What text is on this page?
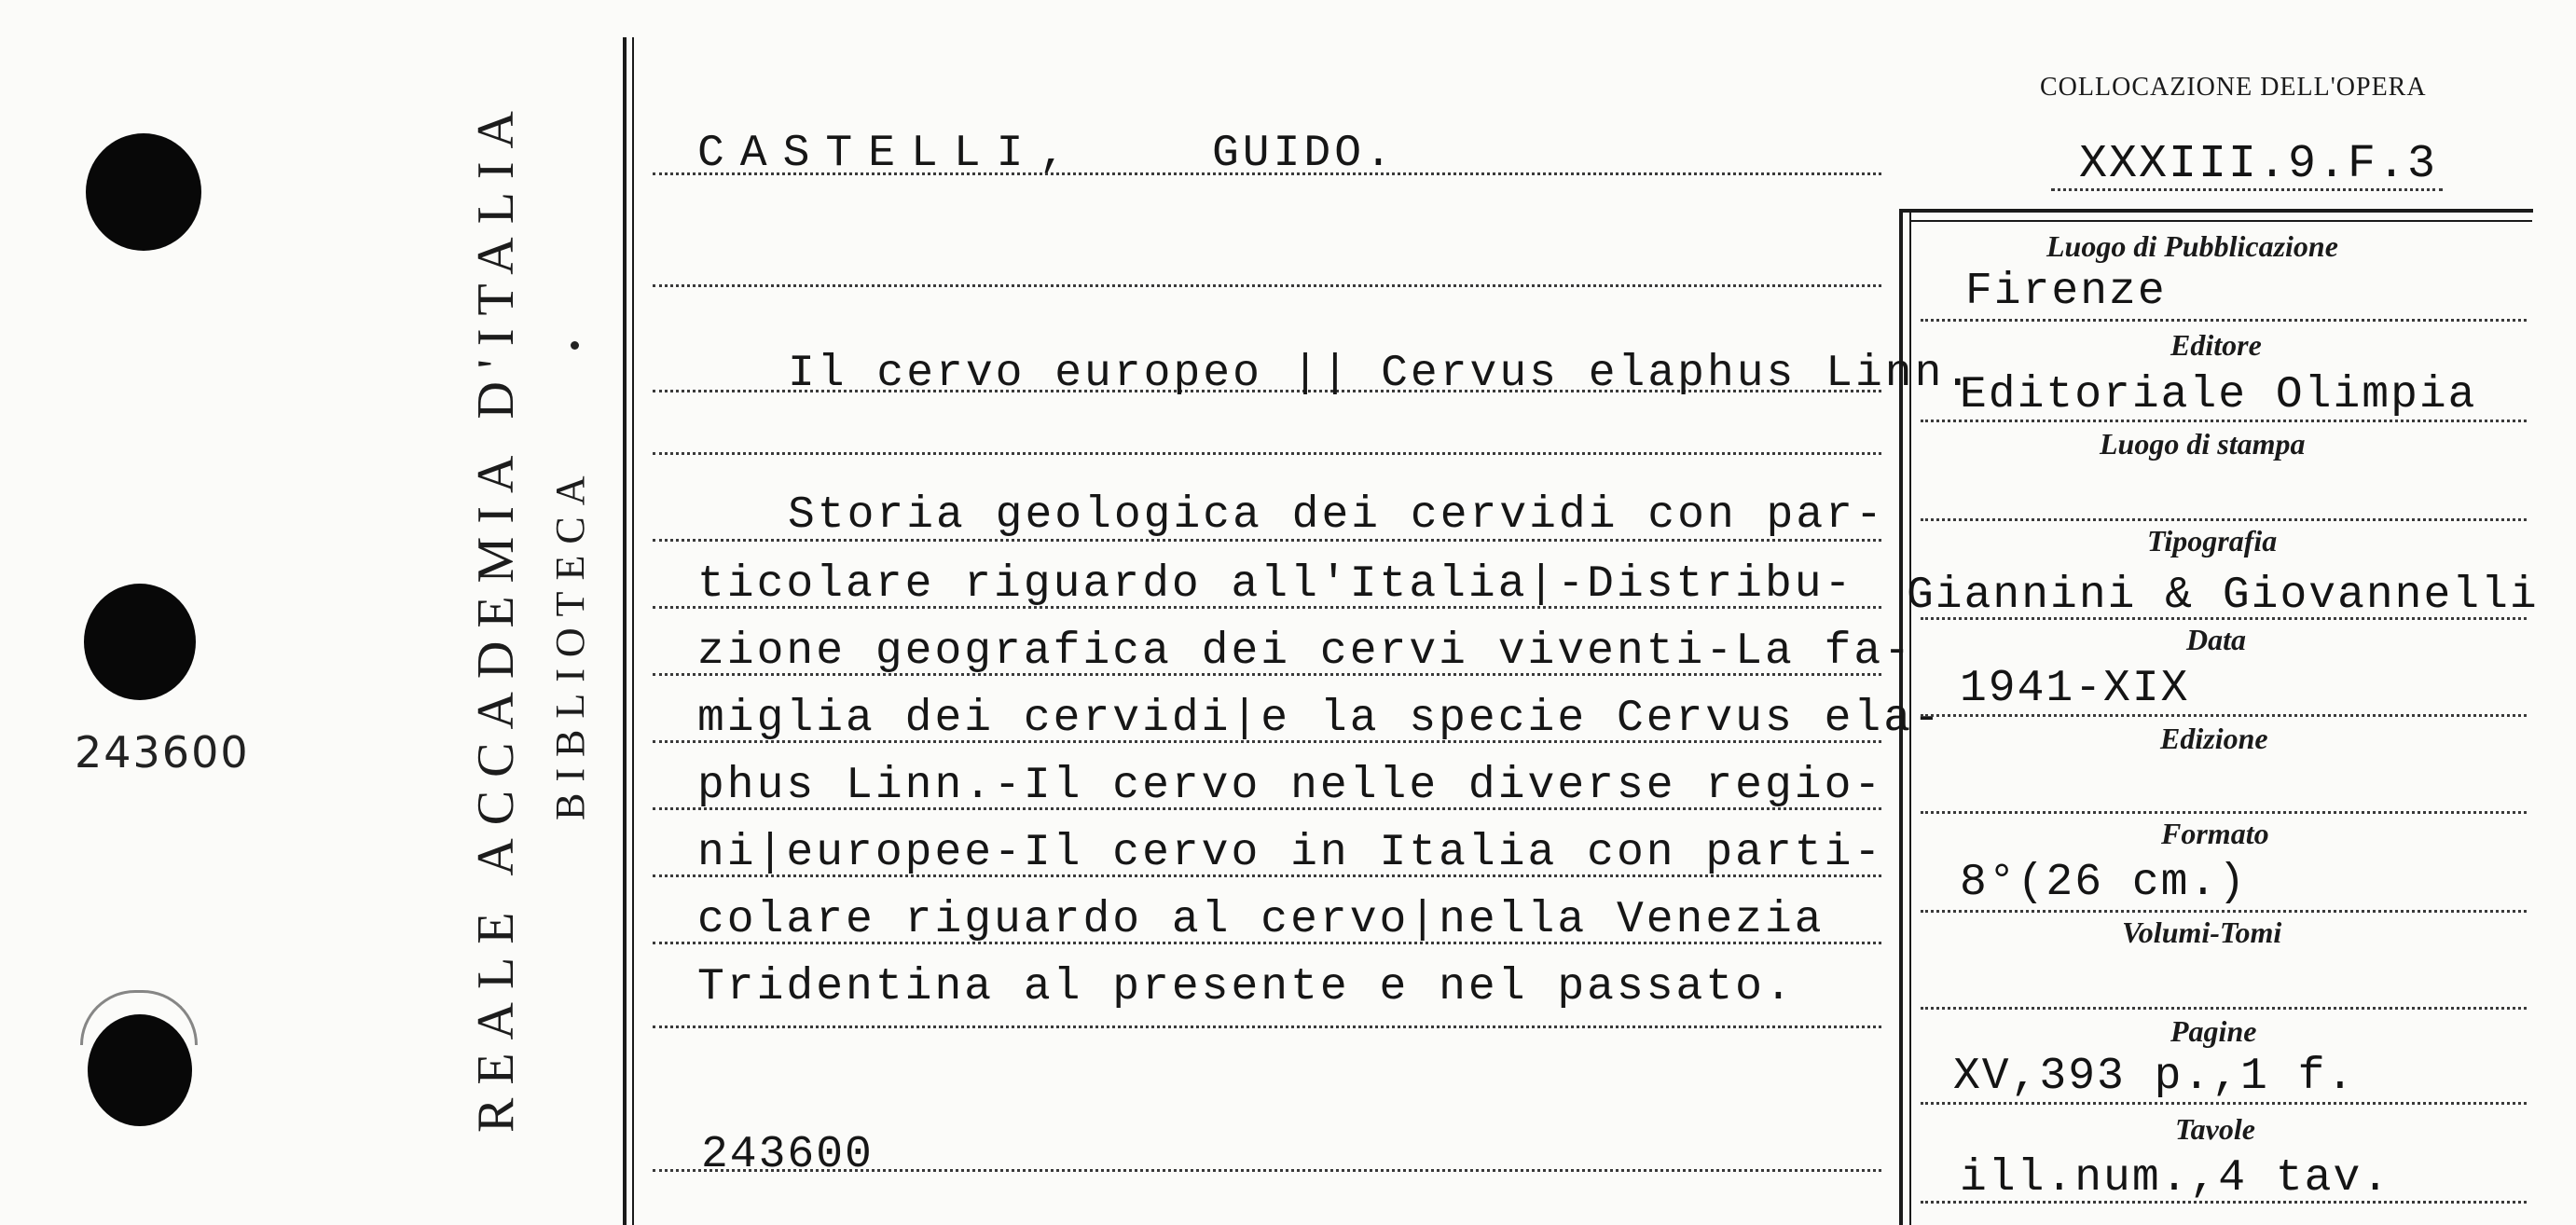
243600	REALE ACCADEMIA D'ITALIA BIBLIOTECA
COLLOCAZIONE DELL'OPERA
XXXIII.9.F.3
CASTELLI,	GUIDO.
Il cervo europeo || Cervus elaphus Linn.
Storia geologica dei cervidi con par-
ticolare riguardo all'Italia|-Distribu-
zione geografica dei cervi viventi-La fa-
miglia dei cervidi|e la specie Cervus ela-
phus Linn.-Il cervo nelle diverse regio-
ni|europee-Il cervo in Italia con parti-
colare riguardo al cervo|nella Venezia
Tridentina al presente e nel passato.
243600
Luogo di Pubblicazione
Firenze
Editore
Editoriale Olimpia
Luogo di stampa
Tipografia
Giannini & Giovannelli
Data
1941-XIX
Edizione
Formato
8°(26 cm.)
Volumi-Tomi
Pagine
XV,393 p.,1 f.
Tavole
ill.num.,4 tav.
